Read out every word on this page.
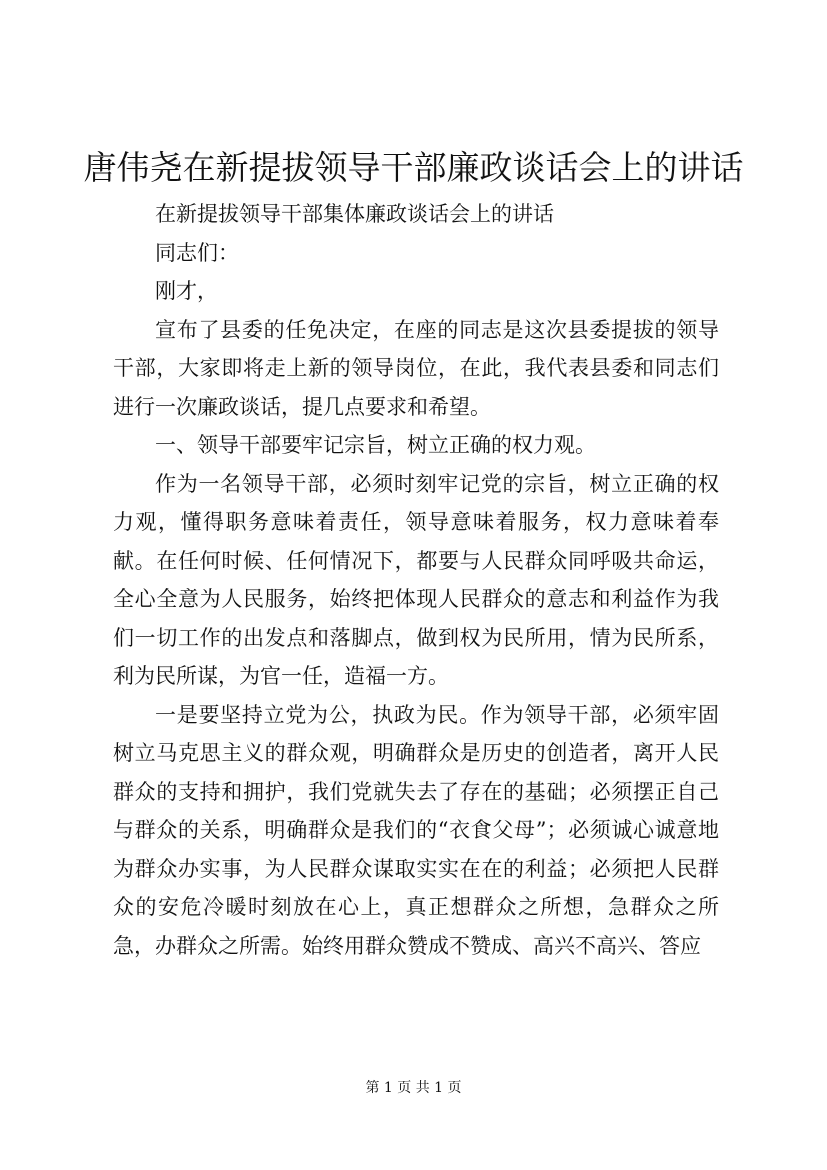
唐伟尧在新提拔领导干部廉政谈话会上的讲话

在新提拔领导干部集体廉政谈话会上的讲话

同志们：

刚才，

宣布了县委的任免决定，在座的同志是这次县委提拔的领导干部，大家即将走上新的领导岗位，在此，我代表县委和同志们进行一次廉政谈话，提几点要求和希望。

一、领导干部要牢记宗旨，树立正确的权力观。

作为一名领导干部，必须时刻牢记党的宗旨，树立正确的权力观，懂得职务意味着责任，领导意味着服务，权力意味着奉献。在任何时候、任何情况下，都要与人民群众同呼吸共命运，全心全意为人民服务，始终把体现人民群众的意志和利益作为我们一切工作的出发点和落脚点，做到权为民所用，情为民所系，利为民所谋，为官一任，造福一方。

一是要坚持立党为公，执政为民。作为领导干部，必须牢固树立马克思主义的群众观，明确群众是历史的创造者，离开人民群众的支持和拥护，我们党就失去了存在的基础；必须摆正自己与群众的关系，明确群众是我们的“衣食父母”；必须诚心诚意地为群众办实事，为人民群众谋取实实在在的利益；必须把人民群众的安危冷暖时刻放在心上，真正想群众之所想，急群众之所急，办群众之所需。始终用群众赞成不赞成、高兴不高兴、答应

第 1 页 共 1 页
